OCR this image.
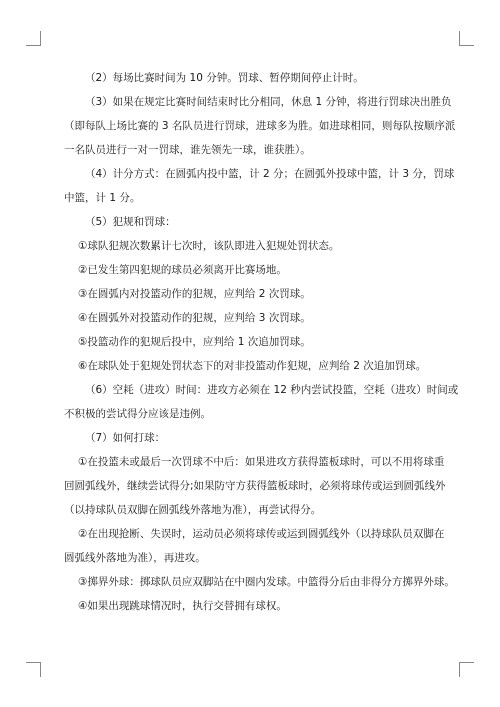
（2）每场比赛时间为 10 分钟。罚球、暂停期间停止计时。

（3）如果在规定比赛时间结束时比分相同，休息 1 分钟，将进行罚球决出胜负

（即每队上场比赛的 3 名队员进行罚球，进球多为胜。如进球相同，则每队按顺序派

一名队员进行一对一罚球，谁先领先一球，谁获胜）。

（4）计分方式：在圆弧内投中篮，计 2 分；在圆弧外投球中篮，计 3 分，罚球

中篮，计 1 分。

（5）犯规和罚球：

①球队犯规次数累计七次时，该队即进入犯规处罚状态。

②已发生第四犯规的球员必须离开比赛场地。

③在圆弧内对投篮动作的犯规，应判给 2 次罚球。

④在圆弧外对投篮动作的犯规，应判给 3 次罚球。

⑤投篮动作的犯规后投中，应判给 1 次追加罚球。

⑥在球队处于犯规处罚状态下的对非投篮动作犯规，应判给 2 次追加罚球。

（6）空耗（进攻）时间：进攻方必须在 12 秒内尝试投篮，空耗（进攻）时间或

不积极的尝试得分应该是违例。

（7）如何打球：

①在投篮未或最后一次罚球不中后：如果进攻方获得篮板球时，可以不用将球重

回圆弧线外，继续尝试得分;如果防守方获得篮板球时，必须将球传或运到圆弧线外

（以持球队员双脚在圆弧线外落地为准），再尝试得分。

②在出现抢断、失误时，运动员必须将球传或运到圆弧线外（以持球队员双脚在

圆弧线外落地为准），再进攻。

③掷界外球：掷球队员应双脚站在中圈内发球。中篮得分后由非得分方掷界外球。

④如果出现跳球情况时，执行交替拥有球权。
